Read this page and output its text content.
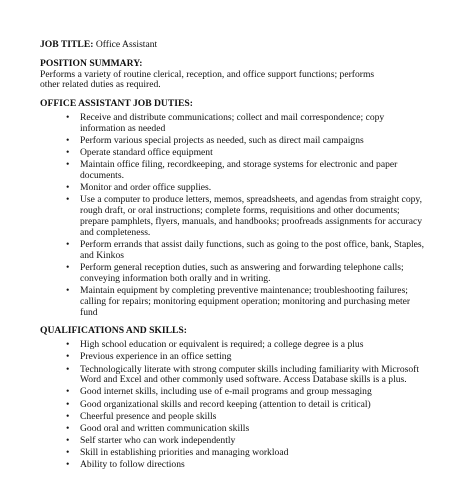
JOB TITLE: Office Assistant

POSITION SUMMARY:

Performs a variety of routine clerical, reception, and office support functions; performs

other related duties as required.

OFFICE ASSISTANT JOB DUTIES:

• Receive and distribute communications; collect and mail correspondence; copy information as needed
• Perform various special projects as needed, such as direct mail campaigns
• Operate standard office equipment
• Maintain office filing, recordkeeping, and storage systems for electronic and paper documents.
• Monitor and order office supplies.
• Use a computer to produce letters, memos, spreadsheets, and agendas from straight copy, rough draft, or oral instructions; complete forms, requisitions and other documents; prepare pamphlets, flyers, manuals, and handbooks; proofreads assignments for accuracy and completeness.
• Perform errands that assist daily functions, such as going to the post office, bank, Staples, and Kinkos
• Perform general reception duties, such as answering and forwarding telephone calls; conveying information both orally and in writing.
• Maintain equipment by completing preventive maintenance; troubleshooting failures; calling for repairs; monitoring equipment operation; monitoring and purchasing meter fund

QUALIFICATIONS AND SKILLS:

• High school education or equivalent is required; a college degree is a plus
• Previous experience in an office setting
• Technologically literate with strong computer skills including familiarity with Microsoft Word and Excel and other commonly used software. Access Database skills is a plus.
• Good internet skills, including use of e-mail programs and group messaging
• Good organizational skills and record keeping (attention to detail is critical)
• Cheerful presence and people skills
• Good oral and written communication skills
• Self starter who can work independently
• Skill in establishing priorities and managing workload
• Ability to follow directions
